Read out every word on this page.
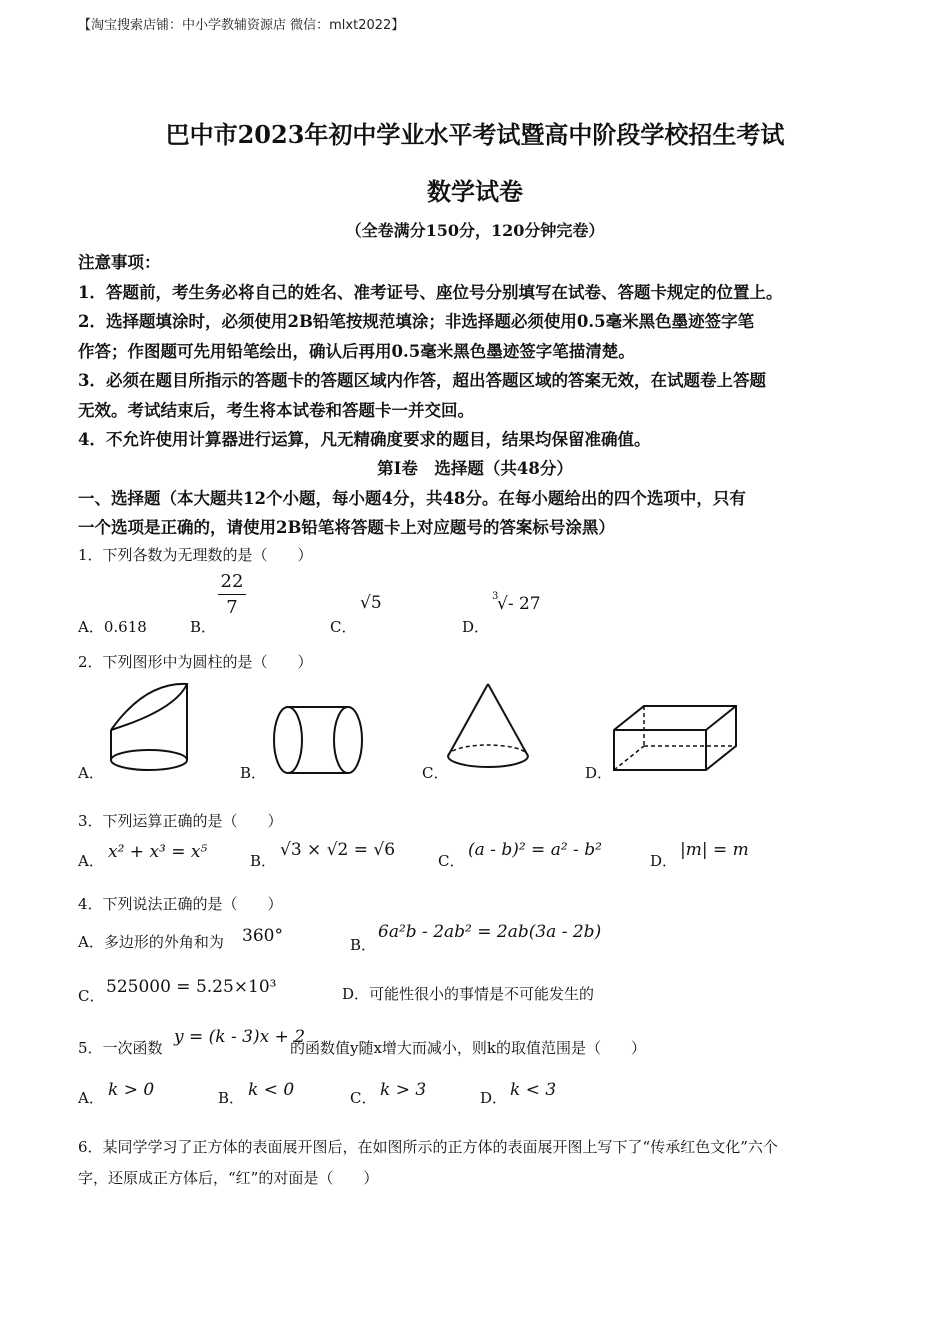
【淘宝搜索店铺：中小学教辅资源店 微信：mlxt2022】
巴中市2023年初中学业水平考试暨高中阶段学校招生考试
数学试卷
（全卷满分150分，120分钟完卷）
注意事项：
1．答题前，考生务必将自己的姓名、准考证号、座位号分别填写在试卷、答题卡规定的位置上。
2．选择题填涂时，必须使用2B铅笔按规范填涂；非选择题必须使用0.5毫米黑色墨迹签字笔
作答；作图题可先用铅笔绘出，确认后再用0.5毫米黑色墨迹签字笔描清楚。
3．必须在题目所指示的答题卡的答题区域内作答，超出答题区域的答案无效，在试题卷上答题
无效。考试结束后，考生将本试卷和答题卡一并交回。
4．不允许使用计算器进行运算，凡无精确度要求的题目，结果均保留准确值。
第I卷　选择题（共48分）
一、选择题（本大题共12个小题，每小题4分，共48分。在每小题给出的四个选项中，只有
一个选项是正确的，请使用2B铅笔将答题卡上对应题号的答案标号涂黑）
1．下列各数为无理数的是（　　）
A．0.618	B．
22
7
C．
√5
D．
3
√- 27
2．下列图形中为圆柱的是（　　）
A．	B．	C．	D．
3．下列运算正确的是（　　）
A． x² + x³ = x⁵	B．
√3 × √2 = √6
C．
(a - b)² = a² - b²
D．
|m| = m
4．下列说法正确的是（　　）
A．多边形的外角和为 360°	B．
6a²b - 2ab² = 2ab(3a - 2b)
C． 525000 = 5.25×10³	D．可能性很小的事情是不可能发生的
5．一次函数
y = (k - 3)x + 2
的函数值y随x增大而减小，则k的取值范围是（　　）
A． k > 0	B． k < 0	C． k > 3	D． k < 3
6．某同学学习了正方体的表面展开图后，在如图所示的正方体的表面展开图上写下了“传承红色文化”六个
字，还原成正方体后，“红”的对面是（　　）
